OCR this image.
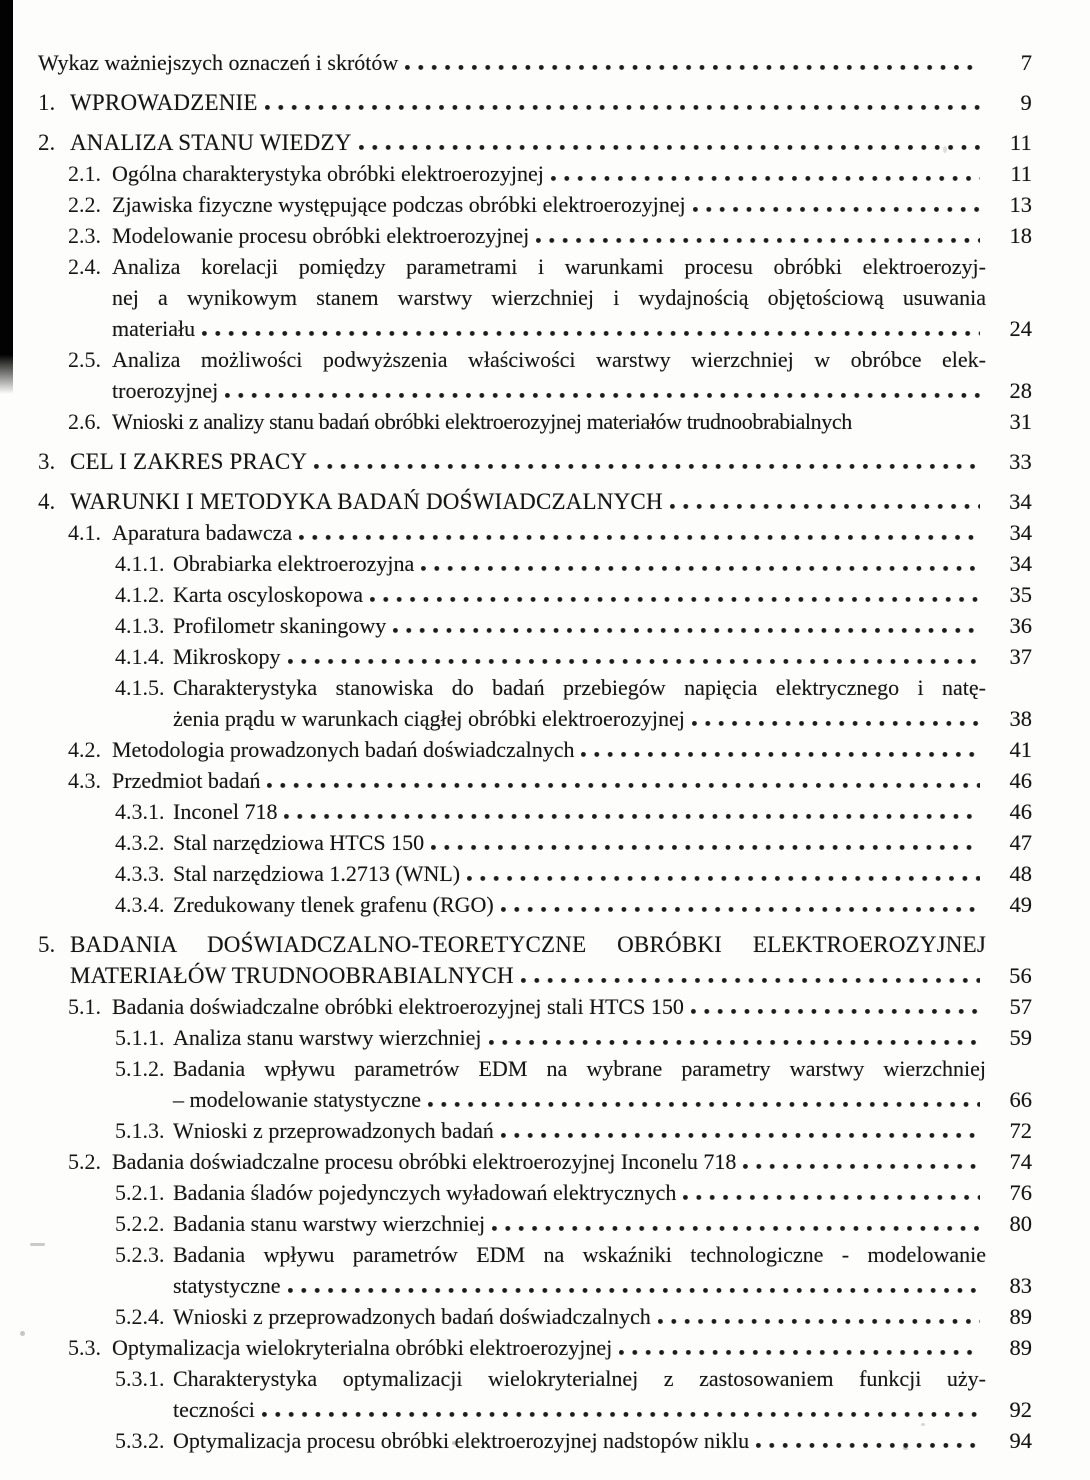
Wykaz ważniejszych oznaczeń i skrótów	7
1. WPROWADZENIE	9
2. ANALIZA STANU WIEDZY	11
2.1. Ogólna charakterystyka obróbki elektroerozyjnej	11
2.2. Zjawiska fizyczne występujące podczas obróbki elektroerozyjnej	13
2.3. Modelowanie procesu obróbki elektroerozyjnej	18
2.4. Analiza korelacji pomiędzy parametrami i warunkami procesu obróbki elektroerozyj-
nej a wynikowym stanem warstwy wierzchniej i wydajnością objętościową usuwania
materiału	24
2.5. Analiza możliwości podwyższenia właściwości warstwy wierzchniej w obróbce elek-
troerozyjnej	28
2.6. Wnioski z analizy stanu badań obróbki elektroerozyjnej materiałów trudnoobrabialnych	31
3. CEL I ZAKRES PRACY	33
4. WARUNKI I METODYKA BADAŃ DOŚWIADCZALNYCH	34
4.1. Aparatura badawcza	34
4.1.1. Obrabiarka elektroerozyjna	34
4.1.2. Karta oscyloskopowa	35
4.1.3. Profilometr skaningowy	36
4.1.4. Mikroskopy	37
4.1.5. Charakterystyka stanowiska do badań przebiegów napięcia elektrycznego i natę-
żenia prądu w warunkach ciągłej obróbki elektroerozyjnej	38
4.2. Metodologia prowadzonych badań doświadczalnych	41
4.3. Przedmiot badań	46
4.3.1. Inconel 718	46
4.3.2. Stal narzędziowa HTCS 150	47
4.3.3. Stal narzędziowa 1.2713 (WNL)	48
4.3.4. Zredukowany tlenek grafenu (RGO)	49
5. BADANIA DOŚWIADCZALNO-TEORETYCZNE OBRÓBKI ELEKTROEROZYJNEJ
MATERIAŁÓW TRUDNOOBRABIALNYCH	56
5.1. Badania doświadczalne obróbki elektroerozyjnej stali HTCS 150	57
5.1.1. Analiza stanu warstwy wierzchniej	59
5.1.2. Badania wpływu parametrów EDM na wybrane parametry warstwy wierzchniej
– modelowanie statystyczne	66
5.1.3. Wnioski z przeprowadzonych badań	72
5.2. Badania doświadczalne procesu obróbki elektroerozyjnej Inconelu 718	74
5.2.1. Badania śladów pojedynczych wyładowań elektrycznych	76
5.2.2. Badania stanu warstwy wierzchniej	80
5.2.3. Badania wpływu parametrów EDM na wskaźniki technologiczne - modelowanie
statystyczne	83
5.2.4. Wnioski z przeprowadzonych badań doświadczalnych	89
5.3. Optymalizacja wielokryterialna obróbki elektroerozyjnej	89
5.3.1. Charakterystyka optymalizacji wielokryterialnej z zastosowaniem funkcji uży-
teczności	92
5.3.2. Optymalizacja procesu obróbki elektroerozyjnej nadstopów niklu	94
